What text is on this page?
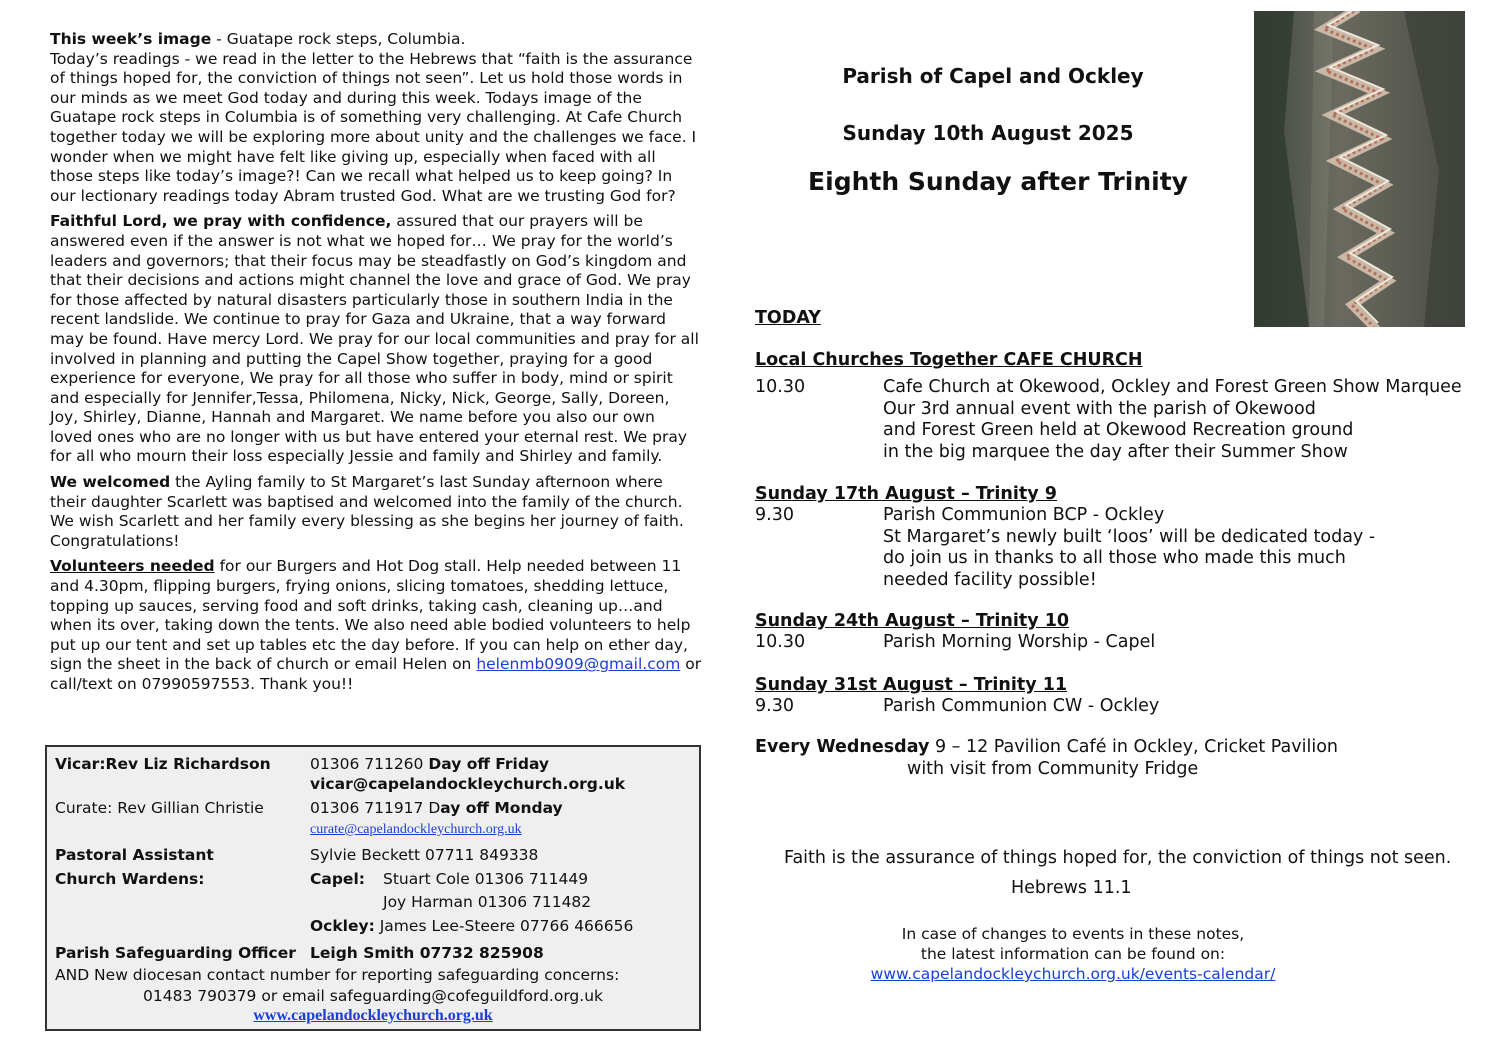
This week’s image - Guatape rock steps, Columbia.
Today’s readings - we read in the letter to the Hebrews that “faith is the assurance of things hoped for, the conviction of things not seen”. Let us hold those words in our minds as we meet God today and during this week. Todays image of the Guatape rock steps in Columbia is of something very challenging. At Cafe Church together today we will be exploring more about unity and the challenges we face. I wonder when we might have felt like giving up, especially when faced with all those steps like today’s image?! Can we recall what helped us to keep going? In our lectionary readings today Abram trusted God. What are we trusting God for?

Faithful Lord, we pray with confidence, assured that our prayers will be answered even if the answer is not what we hoped for… We pray for the world’s leaders and governors; that their focus may be steadfastly on God’s kingdom and that their decisions and actions might channel the love and grace of God. We pray for those affected by natural disasters particularly those in southern India in the recent landslide. We continue to pray for Gaza and Ukraine, that a way forward may be found. Have mercy Lord. We pray for our local communities and pray for all involved in planning and putting the Capel Show together, praying for a good experience for everyone, We pray for all those who suffer in body, mind or spirit and especially for Jennifer,Tessa, Philomena, Nicky, Nick, George, Sally, Doreen, Joy, Shirley, Dianne, Hannah and Margaret. We name before you also our own loved ones who are no longer with us but have entered your eternal rest. We pray for all who mourn their loss especially Jessie and family and Shirley and family.

We welcomed the Ayling family to St Margaret’s last Sunday afternoon where their daughter Scarlett was baptised and welcomed into the family of the church. We wish Scarlett and her family every blessing as she begins her journey of faith. Congratulations!

Volunteers needed for our Burgers and Hot Dog stall. Help needed between 11 and 4.30pm, flipping burgers, frying onions, slicing tomatoes, shedding lettuce, topping up sauces, serving food and soft drinks, taking cash, cleaning up…and when its over, taking down the tents. We also need able bodied volunteers to help put up our tent and set up tables etc the day before. If you can help on ether day, sign the sheet in the back of church or email Helen on helenmb0909@gmail.com or call/text on 07990597553. Thank you!!

Vicar:Rev Liz Richardson	01306 711260 Day off Friday
vicar@capelandockleychurch.org.uk
Curate: Rev Gillian Christie	01306 711917 Day off Monday
curate@capelandockleychurch.org.uk
Pastoral Assistant	Sylvie Beckett 07711 849338
Church Wardens:	Capel: Stuart Cole 01306 711449
Joy Harman 01306 711482
Ockley: James Lee-Steere 07766 466656
Parish Safeguarding Officer Leigh Smith 07732 825908
AND New diocesan contact number for reporting safeguarding concerns:
01483 790379 or email safeguarding@cofeguildford.org.uk
www.capelandockleychurch.org.uk
Parish of Capel and Ockley
Sunday 10th August 2025
Eighth Sunday after Trinity
TODAY
Local Churches Together CAFE CHURCH
10.30	Cafe Church at Okewood, Ockley and Forest Green Show Marquee
Our 3rd annual event with the parish of Okewood
and Forest Green held at Okewood Recreation ground
in the big marquee the day after their Summer Show
Sunday 17th August – Trinity 9
9.30	Parish Communion BCP - Ockley
St Margaret’s newly built ‘loos’ will be dedicated today -
do join us in thanks to all those who made this much
needed facility possible!
Sunday 24th August – Trinity 10
10.30	Parish Morning Worship - Capel
Sunday 31st August – Trinity 11
9.30	Parish Communion CW - Ockley
Every Wednesday 9 – 12 Pavilion Café in Ockley, Cricket Pavilion
with visit from Community Fridge
Faith is the assurance of things hoped for, the conviction of things not seen.
Hebrews 11.1
In case of changes to events in these notes,
the latest information can be found on:
www.capelandockleychurch.org.uk/events-calendar/
